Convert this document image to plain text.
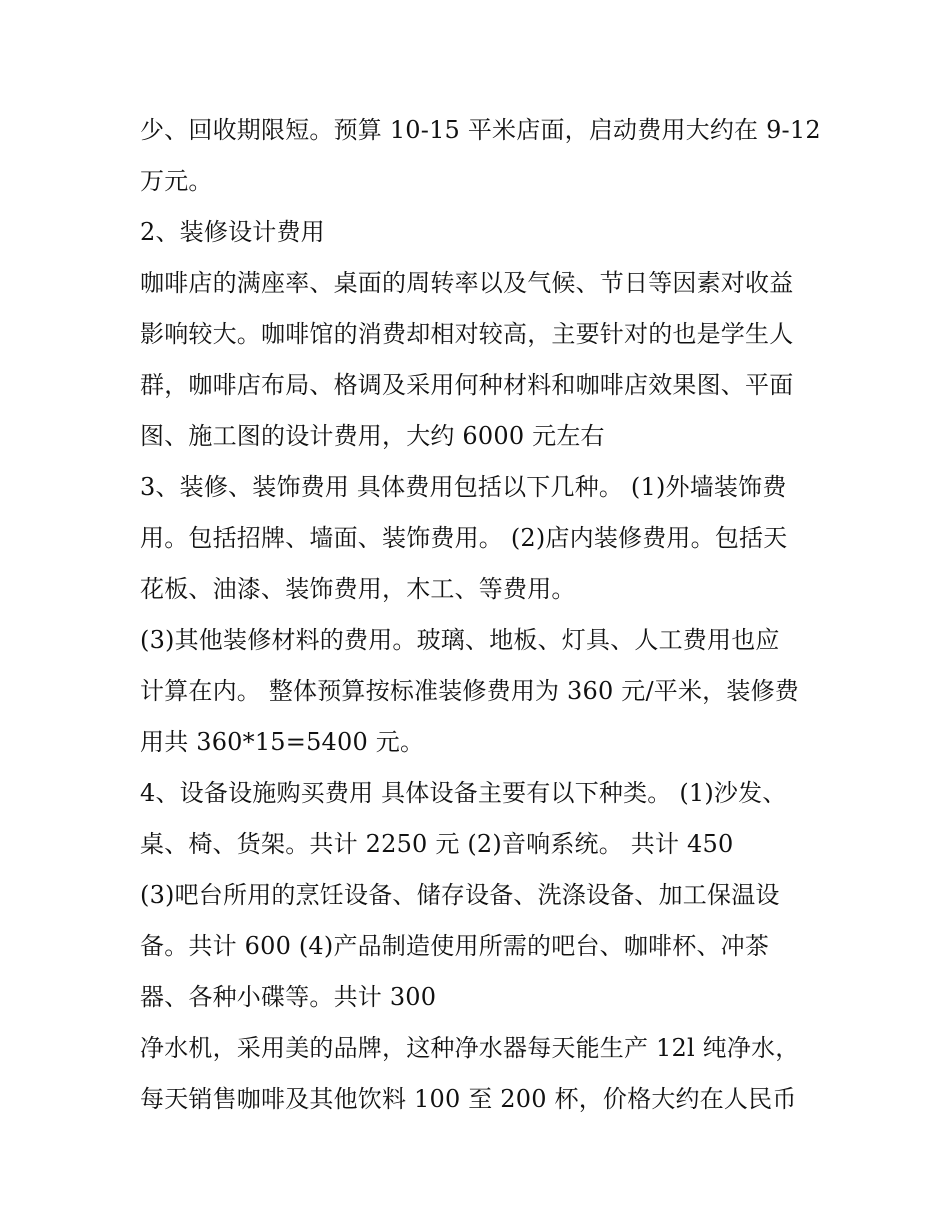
少、回收期限短。预算 10-15 平米店面，启动费用大约在 9-12
万元。
2、装修设计费用
咖啡店的满座率、桌面的周转率以及气候、节日等因素对收益
影响较大。咖啡馆的消费却相对较高，主要针对的也是学生人
群，咖啡店布局、格调及采用何种材料和咖啡店效果图、平面
图、施工图的设计费用，大约 6000 元左右
3、装修、装饰费用 具体费用包括以下几种。 (1)外墙装饰费
用。包括招牌、墙面、装饰费用。 (2)店内装修费用。包括天
花板、油漆、装饰费用，木工、等费用。
(3)其他装修材料的费用。玻璃、地板、灯具、人工费用也应
计算在内。 整体预算按标准装修费用为 360 元/平米，装修费
用共 360*15=5400 元。
4、设备设施购买费用 具体设备主要有以下种类。 (1)沙发、
桌、椅、货架。共计 2250 元 (2)音响系统。 共计 450
(3)吧台所用的烹饪设备、储存设备、洗涤设备、加工保温设
备。共计 600 (4)产品制造使用所需的吧台、咖啡杯、冲茶
器、各种小碟等。共计 300
净水机，采用美的品牌，这种净水器每天能生产 12l 纯净水，
每天销售咖啡及其他饮料 100 至 200 杯，价格大约在人民币
